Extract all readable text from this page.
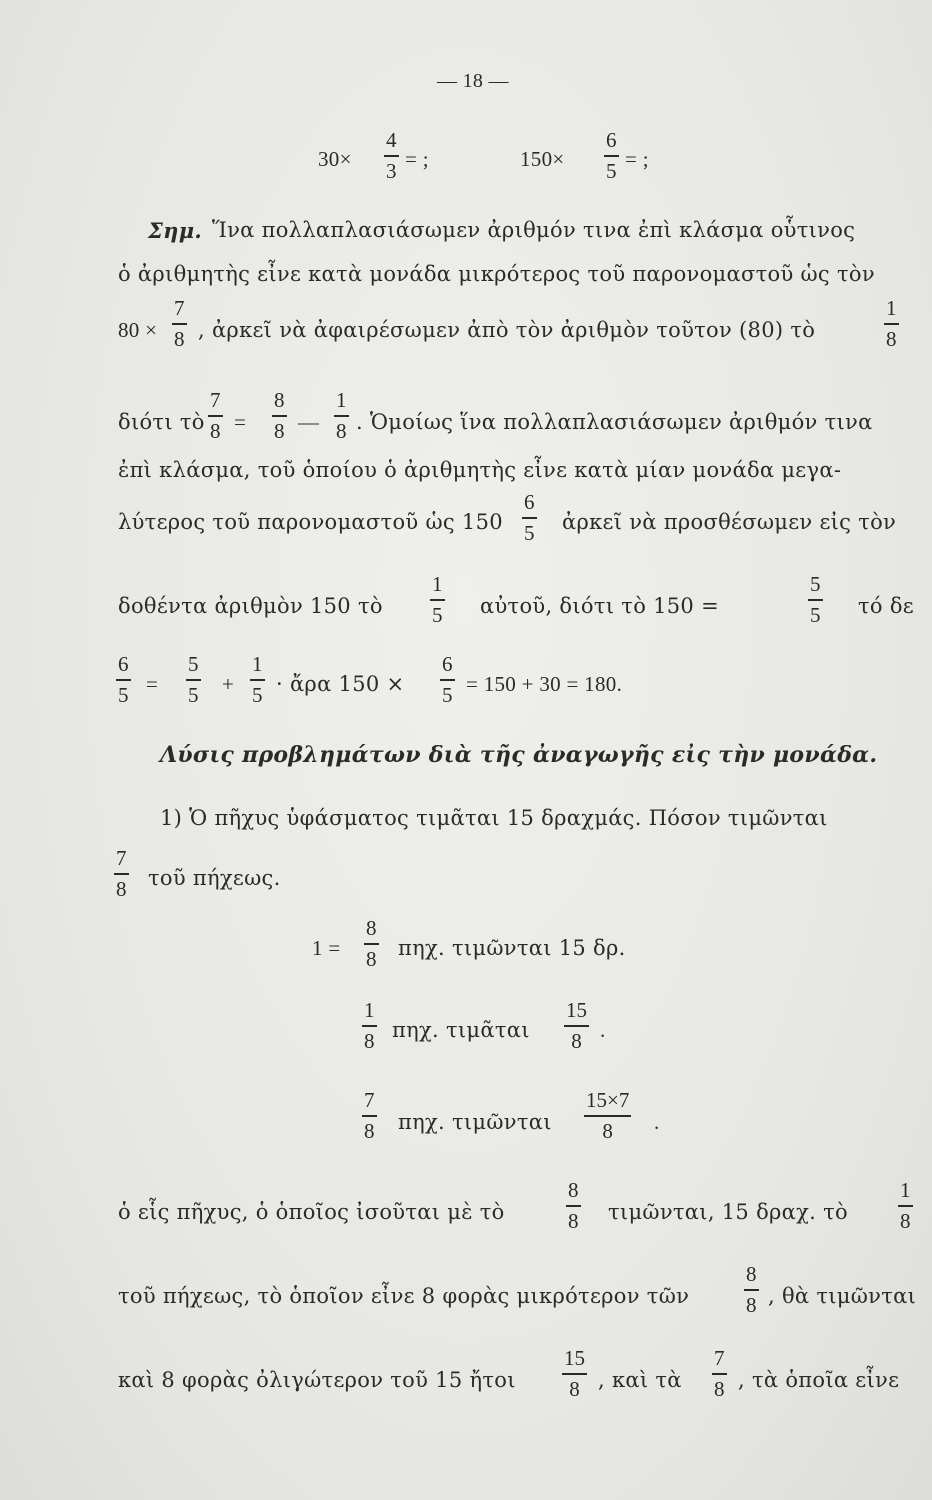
— 18 —
30×
4
3 = ;	150×
6
5 = ;
Σημ. Ἵνα πολλαπλασιάσωμεν ἀριθμόν τινα ἐπὶ κλάσμα οὗτινος
ὁ ἀριθμητὴς εἶνε κατὰ μονάδα μικρότερος τοῦ παρονομαστοῦ ὡς τὸν
80 ×
7
8 , ἀρκεῖ νὰ ἀφαιρέσωμεν ἀπὸ τὸν ἀριθμὸν τοῦτον (80) τὸ
1
8
διότι τὸ
7
8 =
8
8 —
1
8 . Ὁμοίως ἵνα πολλαπλασιάσωμεν ἀριθμόν τινα
ἐπὶ κλάσμα, τοῦ ὁποίου ὁ ἀριθμητὴς εἶνε κατὰ μίαν μονάδα μεγα-
λύτερος τοῦ παρονομαστοῦ ὡς 150
6
5 ἀρκεῖ νὰ προσθέσωμεν εἰς τὸν
δοθέντα ἀριθμὸν 150 τὸ
1
5 αὐτοῦ, διότι τὸ 150 =
5
5 τό δε
6
5 =
5
5 +
1
5 · ἄρα 150 ×
6
5 = 150 + 30 = 180.
Λύσις προβλημάτων διὰ τῆς ἀναγωγῆς εἰς τὴν μονάδα.
1) Ὁ πῆχυς ὑφάσματος τιμᾶται 15 δραχμάς. Πόσον τιμῶνται
7
8 τοῦ πήχεως.
1 =
8
8 πηχ. τιμῶνται 15 δρ.
1
8 πηχ. τιμᾶται
15
8 .
7
8 πηχ. τιμῶνται
15×7
8 .
ὁ εἷς πῆχυς, ὁ ὁποῖος ἰσοῦται μὲ τὸ
8
8 τιμῶνται, 15 δραχ. τὸ
1
8
τοῦ πήχεως, τὸ ὁποῖον εἶνε 8 φορὰς μικρότερον τῶν
8
8 , θὰ τιμῶνται
καὶ 8 φορὰς ὀλιγώτερον τοῦ 15 ἤτοι
15
8 , καὶ τὰ
7
8 , τὰ ὁποῖα εἶνε
